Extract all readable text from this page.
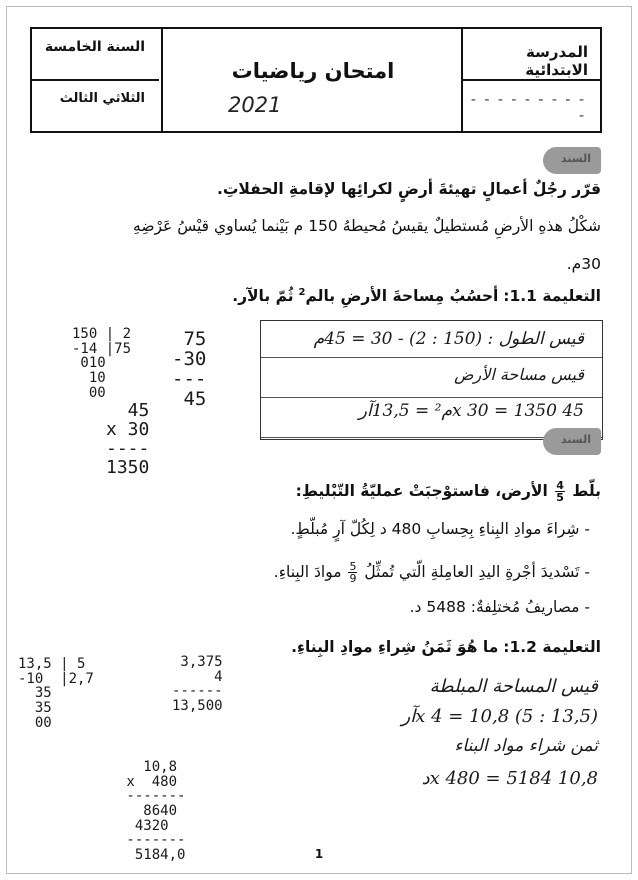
المدرسة الابتدائية
- - - - - - - - - -
امتحان رياضيات
2021
السنة الخامسة
الثلاثي الثالث
السند
قرّر رجُلٌ أعمالٍ تهيئةَ أرضٍ لكرائِها لإقامةِ الحفلاتِ.
شكْلُ هذهِ الأرضِ مُستطيلٌ يقيسُ مُحيطهُ 150 م بَيْنما يُساوي قيْسُ عَرْضِهِ
30م.
التعليمة 1.1: أحسُبُ مِساحةَ الأرضِ بالم$^2$ ثُمّ بالآر.
قيس الطول : (150 : 2) - 30 = 45م
قيس مساحة الأرض
45 x 30 = 1350م² = 13,5آر
150 | 2
-14 |75
010
10
00
75
-30
---
45
45
x 30
----
1350
السند
بلّط
$\frac{4}{5}$
الأرض، فاستوْجبَتْ عمليّةُ التّبْليطِ:
- شِراءَ موادِ البِناءِ بِحِسابِ 480 د لِكُلّ آرٍ مُبلّطٍ.
- تَسْديدَ أجْرةِ اليدِ العامِلةِ الّتي تُمثِّلُ
$\frac{5}{9}$
موادَ البِناءِ.
- مصاريفُ مُختلِفةٌ: 5488 د.
التعليمة 1.2: ما هُوَ ثَمَنُ شِراءِ موادِ البِناءِ.
قيس المساحة المبلطة
(13,5 : 5) x 4 = 10,8آر
ثمن شراء مواد البناء
10,8 x 480 = 5184د
13,5 | 5
-10  |2,7
35
35
00
3,375
4
------
13,500
10,8
x  480
-------
8640
4320
-------
5184,0	1
